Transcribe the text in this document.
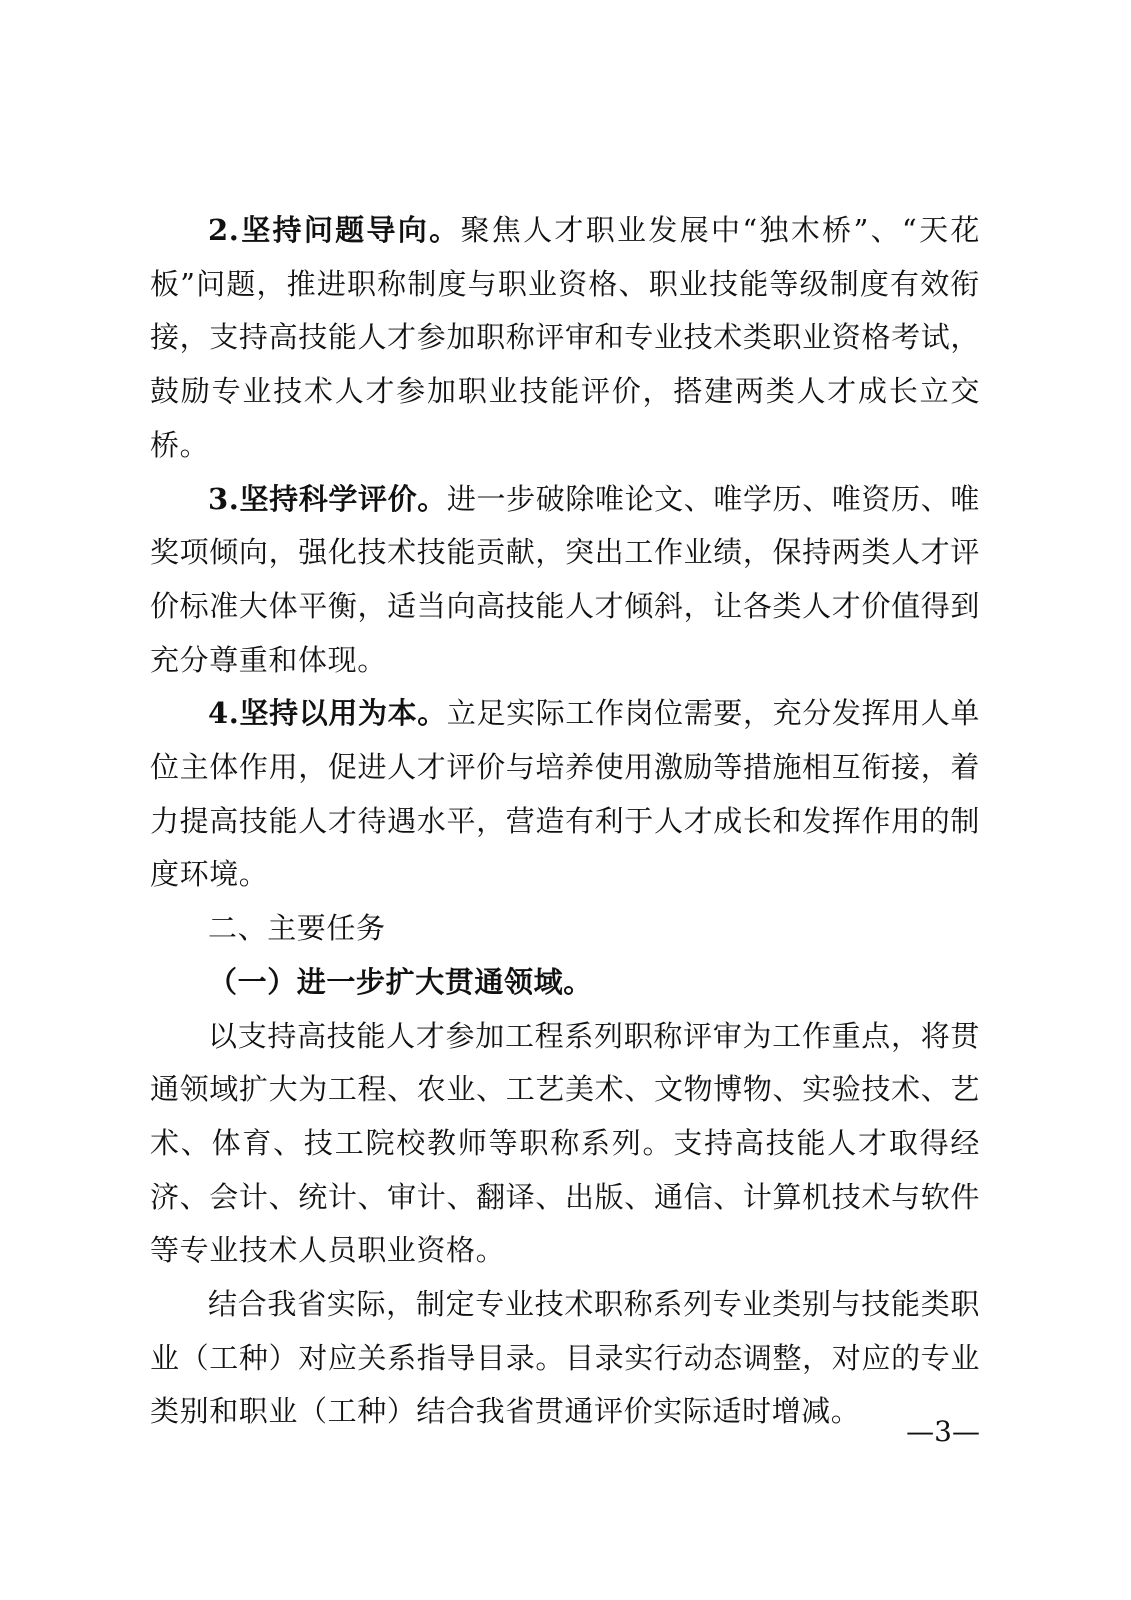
2.坚持问题导向。聚焦人才职业发展中“独木桥”、“天花板”问题，推进职称制度与职业资格、职业技能等级制度有效衔接，支持高技能人才参加职称评审和专业技术类职业资格考试，鼓励专业技术人才参加职业技能评价，搭建两类人才成长立交桥。

3.坚持科学评价。进一步破除唯论文、唯学历、唯资历、唯奖项倾向，强化技术技能贡献，突出工作业绩，保持两类人才评价标准大体平衡，适当向高技能人才倾斜，让各类人才价值得到充分尊重和体现。

4.坚持以用为本。立足实际工作岗位需要，充分发挥用人单位主体作用，促进人才评价与培养使用激励等措施相互衔接，着力提高技能人才待遇水平，营造有利于人才成长和发挥作用的制度环境。

二、主要任务

（一）进一步扩大贯通领域。

以支持高技能人才参加工程系列职称评审为工作重点，将贯通领域扩大为工程、农业、工艺美术、文物博物、实验技术、艺术、体育、技工院校教师等职称系列。支持高技能人才取得经济、会计、统计、审计、翻译、出版、通信、计算机技术与软件等专业技术人员职业资格。

结合我省实际，制定专业技术职称系列专业类别与技能类职业（工种）对应关系指导目录。目录实行动态调整，对应的专业类别和职业（工种）结合我省贯通评价实际适时增减。

—3—
